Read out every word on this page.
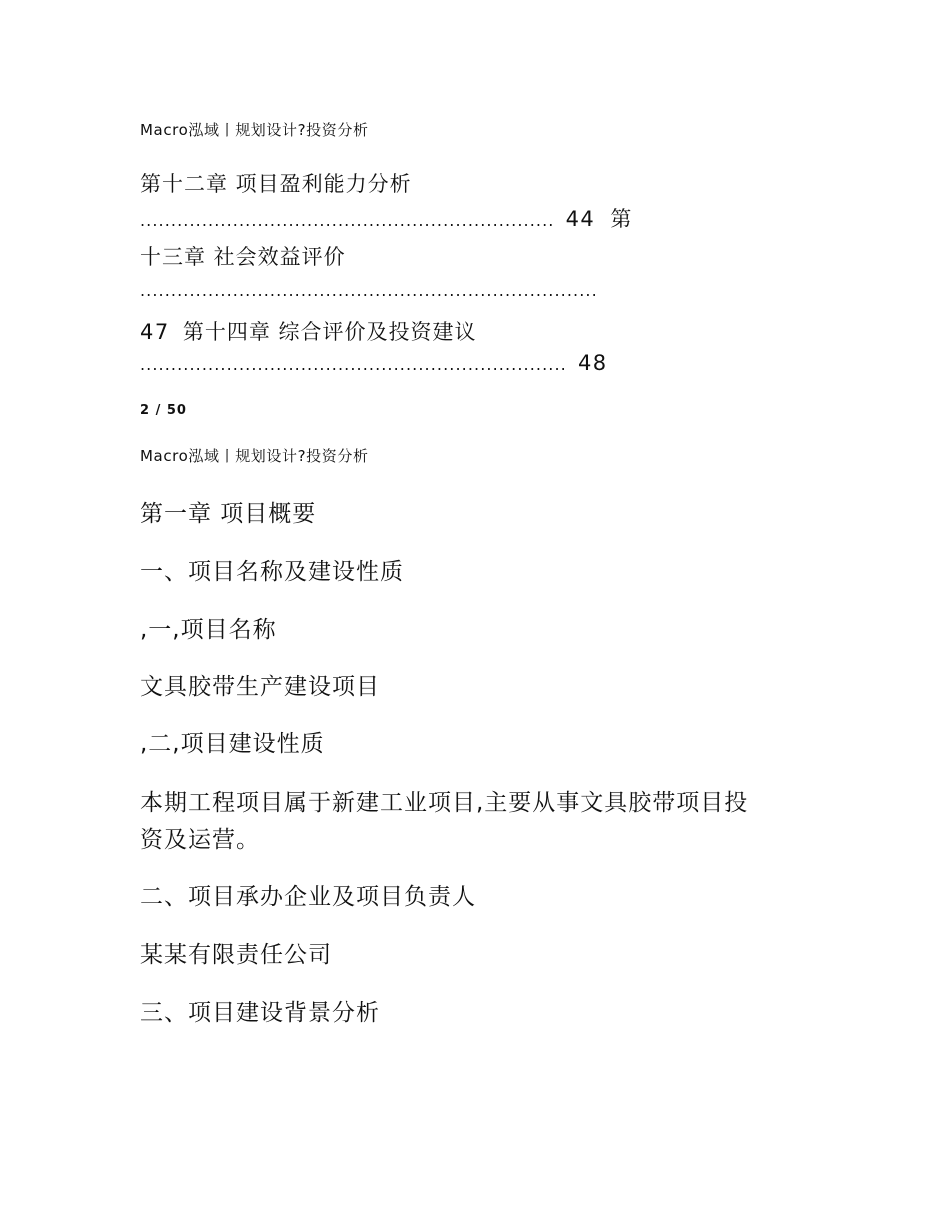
Macro泓域丨规划设计?投资分析
第十二章 项目盈利能力分析
................................................................... 44 第
十三章 社会效益评价
..........................................................................
47 第十四章 综合评价及投资建议
..................................................................... 48
2 / 50
Macro泓域丨规划设计?投资分析
第一章 项目概要
一、项目名称及建设性质
,一,项目名称
文具胶带生产建设项目
,二,项目建设性质
本期工程项目属于新建工业项目,主要从事文具胶带项目投
资及运营。
二、项目承办企业及项目负责人
某某有限责任公司
三、项目建设背景分析
